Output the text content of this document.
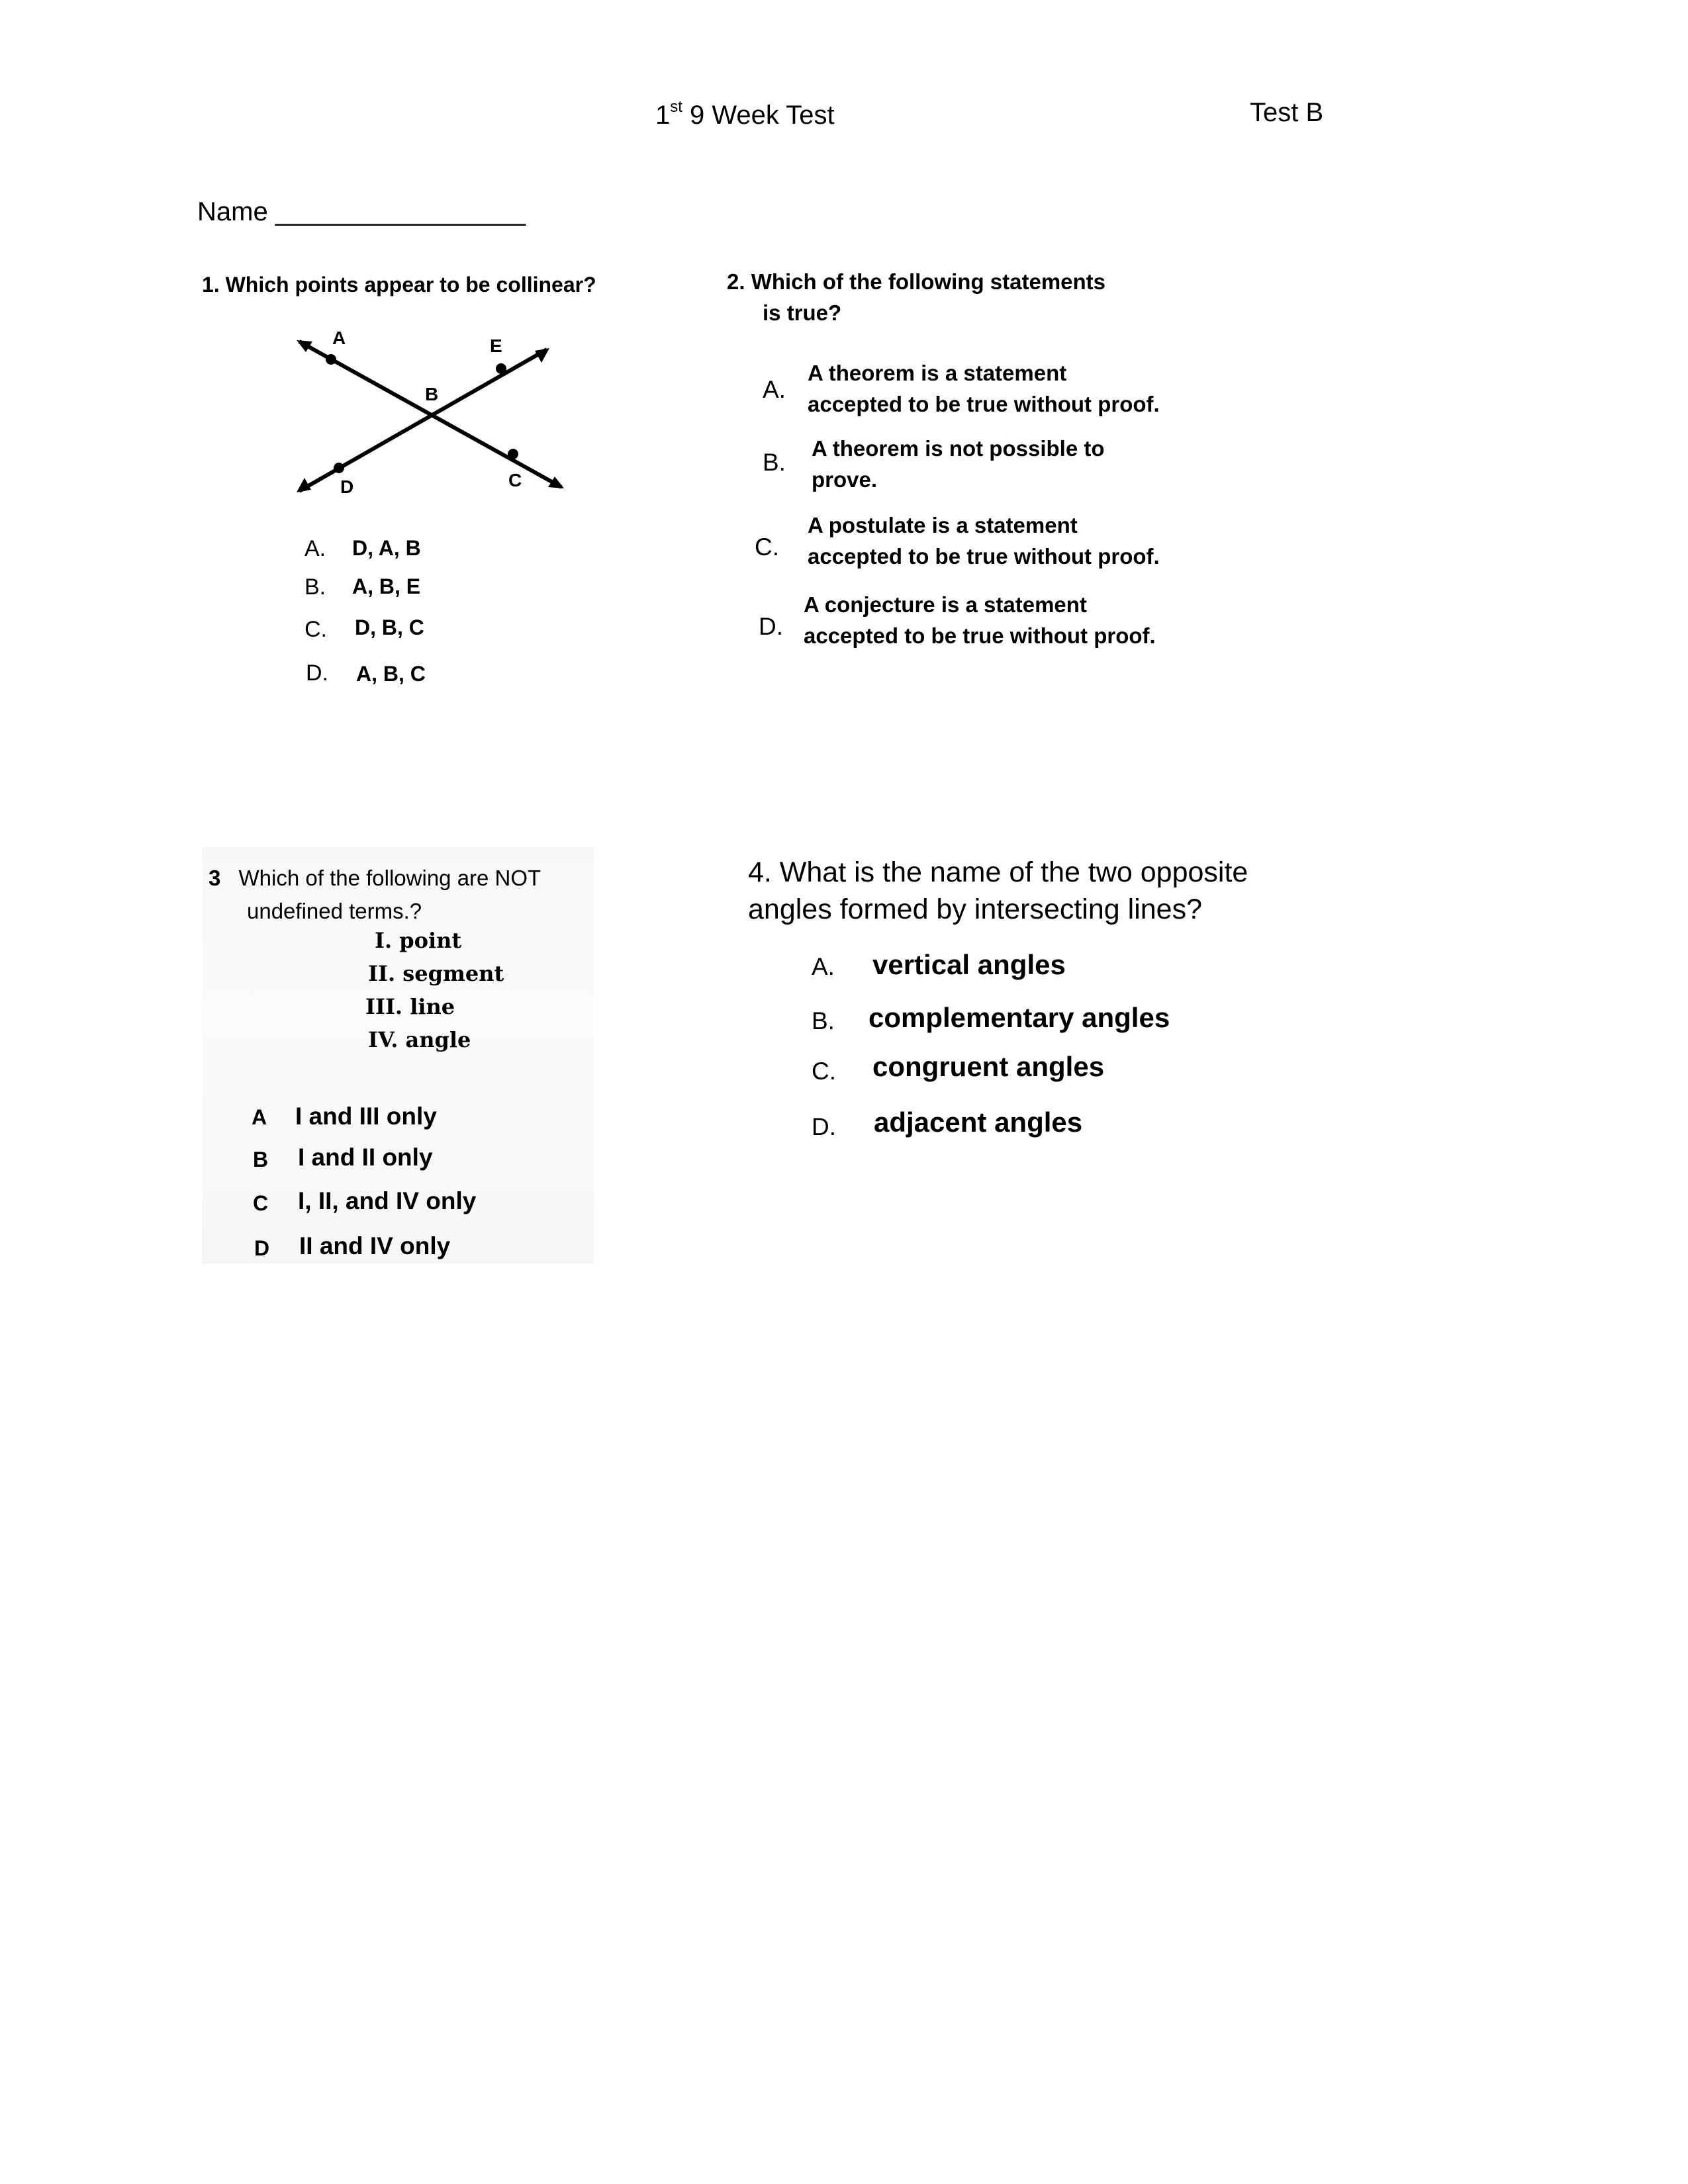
1st 9 Week Test	Test B
Name _________________
1. Which points appear to be collinear?
A	E
B
D	C
A. D, A, B
B. A, B, E
C. D, B, C
D. A, B, C
2. Which of the following statements
is true?
A.
A theorem is a statement
accepted to be true without proof.
B.
A theorem is not possible to
prove.
C.
A postulate is a statement
accepted to be true without proof.
D.
A conjecture is a statement
accepted to be true without proof.
3 Which of the following are NOT
undefined terms.?
I. point
II. segment
III. line
IV. angle
A I and III only
B I and II only
C I, II, and IV only
D II and IV only
4. What is the name of the two opposite
angles formed by intersecting lines?
A. vertical angles
B. complementary angles
C. congruent angles
D. adjacent angles
